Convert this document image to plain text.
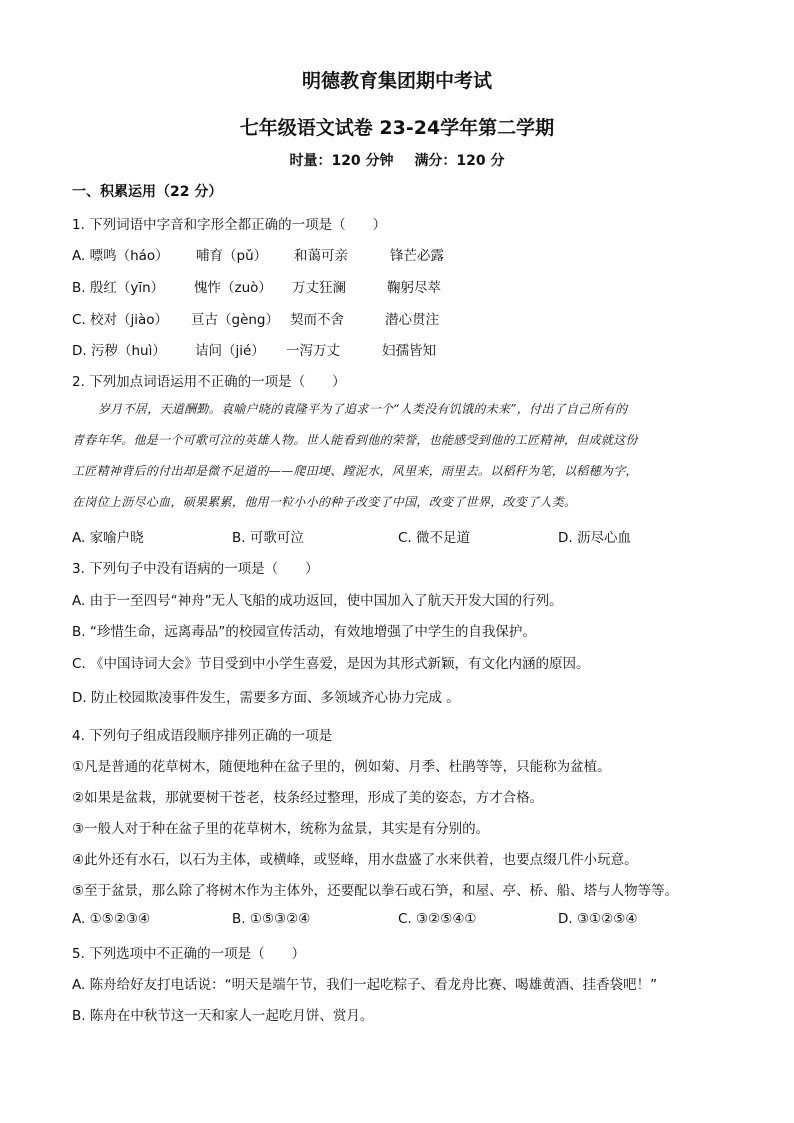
明德教育集团期中考试
七年级语文试卷 23-24学年第二学期
时量：120 分钟 满分：120 分
一、积累运用（22 分）
1. 下列词语中字音和字形全都正确的一项是（　　）
A. 嘌鸣（háo） 哺育（pǔ） 和蔼可亲	锋芒必露
B. 殷红（yīn） 愧怍（zuò） 万丈狂澜	鞠躬尽萃
C. 校对（jiào） 亘古（gèng） 契而不舍	潜心贯注
D. 污秽（huì） 诘问（jié） 一泻万丈	妇孺皆知
2. 下列加点词语运用不正确的一项是（　　）
岁月不居，天道酬勤。袁喻户晓的袁隆平为了追求一个“人类没有饥饿的未来”，付出了自己所有的
青春年华。他是一个可歌可泣的英雄人物。世人能看到他的荣誉，也能感受到他的工匠精神，但成就这份
工匠精神背后的付出却是微不足道的——爬田埂、蹚泥水，风里来，雨里去。以稻秆为笔，以稻穗为字，
在岗位上沥尽心血，硕果累累，他用一粒小小的种子改变了中国，改变了世界，改变了人类。
A. 家喻户晓	B. 可歌可泣	C. 微不足道	D. 沥尽心血
3. 下列句子中没有语病的一项是（　　）
A. 由于一至四号“神舟”无人飞船的成功返回，使中国加入了航天开发大国的行列。
B. “珍惜生命，远离毒品”的校园宣传活动，有效地增强了中学生的自我保护。
C. 《中国诗词大会》节目受到中小学生喜爱，是因为其形式新颖，有文化内涵的原因。
D. 防止校园欺凌事件发生，需要多方面、多领域齐心协力完成 。
4. 下列句子组成语段顺序排列正确的一项是
①凡是普通的花草树木，随便地种在盆子里的，例如菊、月季、杜鹃等等，只能称为盆植。
②如果是盆栽，那就要树干苍老，枝条经过整理，形成了美的姿态，方才合格。
③一般人对于种在盆子里的花草树木，统称为盆景，其实是有分别的。
④此外还有水石，以石为主体，或横峰，或竖峰，用水盘盛了水来供着，也要点缀几件小玩意。
⑤至于盆景，那么除了将树木作为主体外，还要配以拳石或石笋，和屋、亭、桥、船、塔与人物等等。
A. ①⑤②③④	B. ①⑤③②④	C. ③②⑤④①	D. ③①②⑤④
5. 下列选项中不正确的一项是（　　）
A. 陈舟给好友打电话说：“明天是端午节，我们一起吃粽子、看龙舟比赛、喝雄黄酒、挂香袋吧！”
B. 陈舟在中秋节这一天和家人一起吃月饼、赏月。
